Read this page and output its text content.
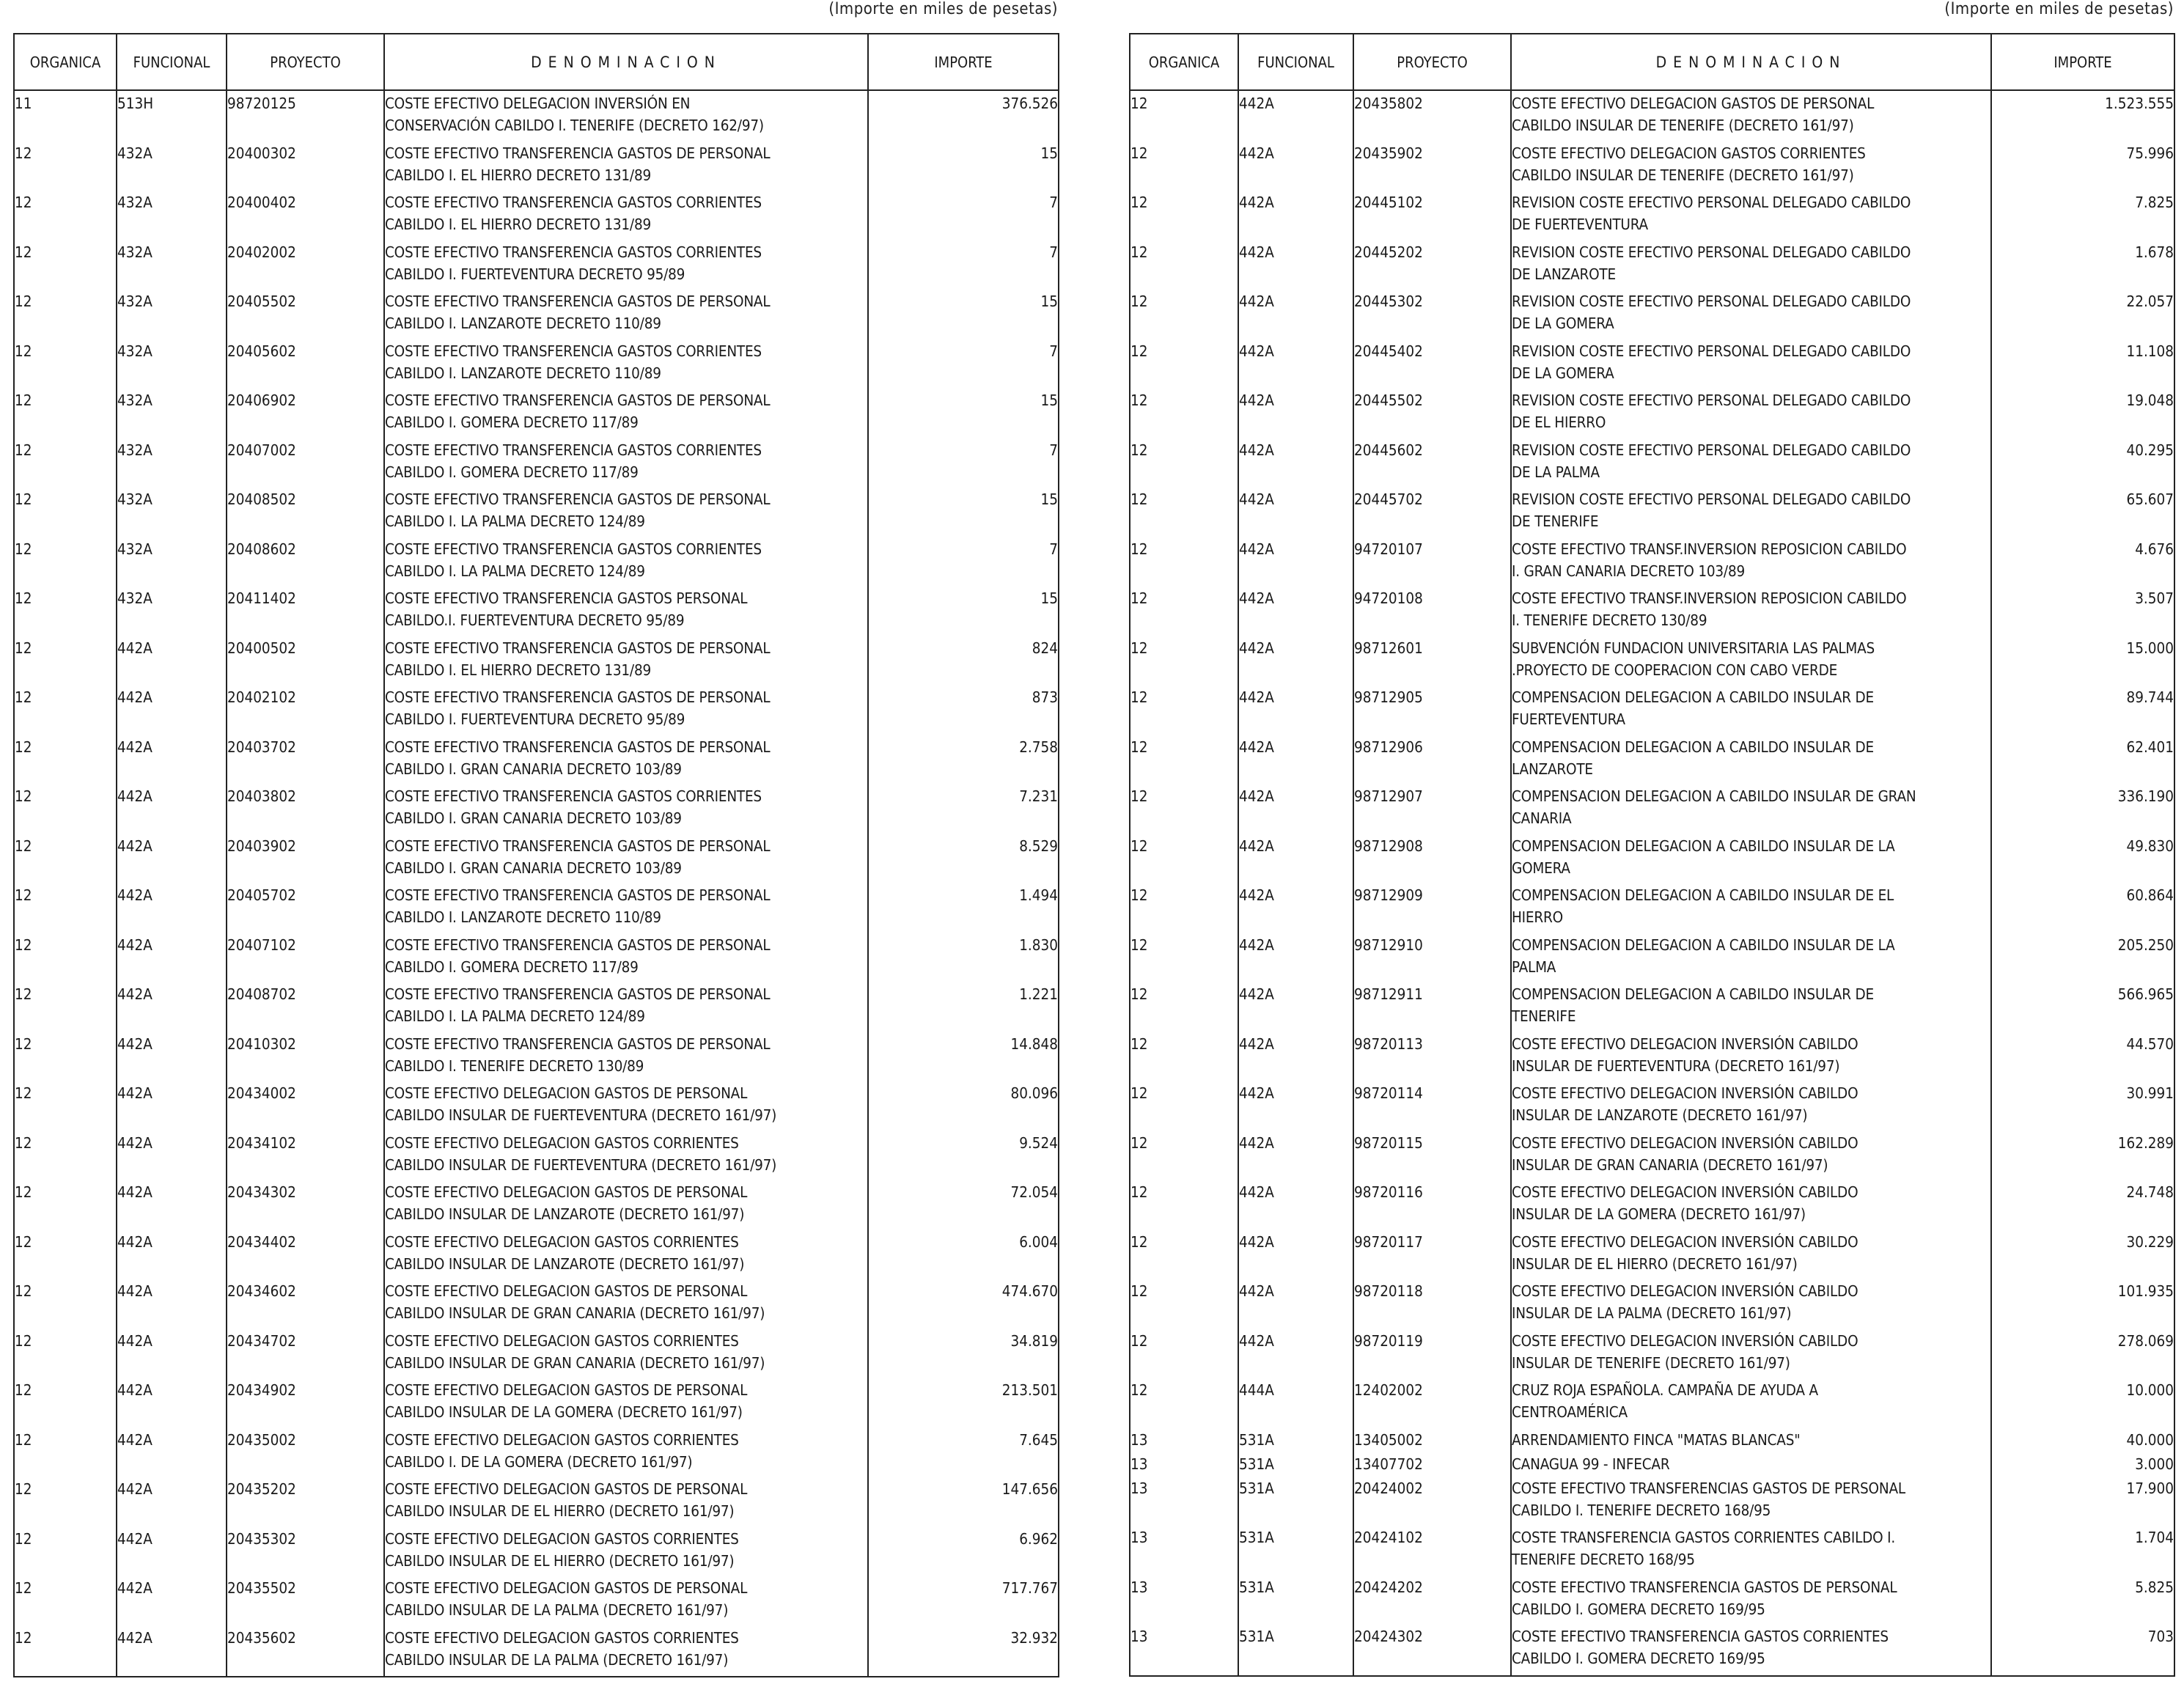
(Importe en miles de pesetas)
ORGANICA	FUNCIONAL	PROYECTO	DENOMINACION	IMPORTE
11	513H	98720125	COSTE EFECTIVO DELEGACION INVERSIÓN EN
CONSERVACIÓN CABILDO I. TENERIFE (DECRETO 162/97)	376.526
12	432A	20400302	COSTE EFECTIVO TRANSFERENCIA GASTOS DE PERSONAL
CABILDO I. EL HIERRO DECRETO 131/89	15
12	432A	20400402	COSTE EFECTIVO TRANSFERENCIA GASTOS CORRIENTES
CABILDO I. EL HIERRO DECRETO 131/89	7
12	432A	20402002	COSTE EFECTIVO TRANSFERENCIA GASTOS CORRIENTES
CABILDO I. FUERTEVENTURA DECRETO 95/89	7
12	432A	20405502	COSTE EFECTIVO TRANSFERENCIA GASTOS DE PERSONAL
CABILDO I. LANZAROTE DECRETO 110/89	15
12	432A	20405602	COSTE EFECTIVO TRANSFERENCIA GASTOS CORRIENTES
CABILDO I. LANZAROTE DECRETO 110/89	7
12	432A	20406902	COSTE EFECTIVO TRANSFERENCIA GASTOS DE PERSONAL
CABILDO I. GOMERA DECRETO 117/89	15
12	432A	20407002	COSTE EFECTIVO TRANSFERENCIA GASTOS CORRIENTES
CABILDO I. GOMERA DECRETO 117/89	7
12	432A	20408502	COSTE EFECTIVO TRANSFERENCIA GASTOS DE PERSONAL
CABILDO I. LA PALMA DECRETO 124/89	15
12	432A	20408602	COSTE EFECTIVO TRANSFERENCIA GASTOS CORRIENTES
CABILDO I. LA PALMA DECRETO 124/89	7
12	432A	20411402	COSTE EFECTIVO TRANSFERENCIA GASTOS PERSONAL
CABILDO.I. FUERTEVENTURA DECRETO 95/89	15
12	442A	20400502	COSTE EFECTIVO TRANSFERENCIA GASTOS DE PERSONAL
CABILDO I. EL HIERRO DECRETO 131/89	824
12	442A	20402102	COSTE EFECTIVO TRANSFERENCIA GASTOS DE PERSONAL
CABILDO I. FUERTEVENTURA DECRETO 95/89	873
12	442A	20403702	COSTE EFECTIVO TRANSFERENCIA GASTOS DE PERSONAL
CABILDO I. GRAN CANARIA DECRETO 103/89	2.758
12	442A	20403802	COSTE EFECTIVO TRANSFERENCIA GASTOS CORRIENTES
CABILDO I. GRAN CANARIA DECRETO 103/89	7.231
12	442A	20403902	COSTE EFECTIVO TRANSFERENCIA GASTOS DE PERSONAL
CABILDO I. GRAN CANARIA DECRETO 103/89	8.529
12	442A	20405702	COSTE EFECTIVO TRANSFERENCIA GASTOS DE PERSONAL
CABILDO I. LANZAROTE DECRETO 110/89	1.494
12	442A	20407102	COSTE EFECTIVO TRANSFERENCIA GASTOS DE PERSONAL
CABILDO I. GOMERA DECRETO 117/89	1.830
12	442A	20408702	COSTE EFECTIVO TRANSFERENCIA GASTOS DE PERSONAL
CABILDO I. LA PALMA DECRETO 124/89	1.221
12	442A	20410302	COSTE EFECTIVO TRANSFERENCIA GASTOS DE PERSONAL
CABILDO I. TENERIFE DECRETO 130/89	14.848
12	442A	20434002	COSTE EFECTIVO DELEGACION GASTOS DE PERSONAL
CABILDO INSULAR DE FUERTEVENTURA (DECRETO 161/97)	80.096
12	442A	20434102	COSTE EFECTIVO DELEGACION GASTOS CORRIENTES
CABILDO INSULAR DE FUERTEVENTURA (DECRETO 161/97)	9.524
12	442A	20434302	COSTE EFECTIVO DELEGACION GASTOS DE PERSONAL
CABILDO INSULAR DE LANZAROTE (DECRETO 161/97)	72.054
12	442A	20434402	COSTE EFECTIVO DELEGACION GASTOS CORRIENTES
CABILDO INSULAR DE LANZAROTE (DECRETO 161/97)	6.004
12	442A	20434602	COSTE EFECTIVO DELEGACION GASTOS DE PERSONAL
CABILDO INSULAR DE GRAN CANARIA (DECRETO 161/97)	474.670
12	442A	20434702	COSTE EFECTIVO DELEGACION GASTOS CORRIENTES
CABILDO INSULAR DE GRAN CANARIA (DECRETO 161/97)	34.819
12	442A	20434902	COSTE EFECTIVO DELEGACION GASTOS DE PERSONAL
CABILDO INSULAR DE LA GOMERA (DECRETO 161/97)	213.501
12	442A	20435002	COSTE EFECTIVO DELEGACION GASTOS CORRIENTES
CABILDO I. DE LA GOMERA (DECRETO 161/97)	7.645
12	442A	20435202	COSTE EFECTIVO DELEGACION GASTOS DE PERSONAL
CABILDO INSULAR DE EL HIERRO (DECRETO 161/97)	147.656
12	442A	20435302	COSTE EFECTIVO DELEGACION GASTOS CORRIENTES
CABILDO INSULAR DE EL HIERRO (DECRETO 161/97)	6.962
12	442A	20435502	COSTE EFECTIVO DELEGACION GASTOS DE PERSONAL
CABILDO INSULAR DE LA PALMA (DECRETO 161/97)	717.767
12	442A	20435602	COSTE EFECTIVO DELEGACION GASTOS CORRIENTES
CABILDO INSULAR DE LA PALMA (DECRETO 161/97)	32.932
(Importe en miles de pesetas)
ORGANICA	FUNCIONAL	PROYECTO	DENOMINACION	IMPORTE
12	442A	20435802	COSTE EFECTIVO DELEGACION GASTOS DE PERSONAL
CABILDO INSULAR DE TENERIFE (DECRETO 161/97)	1.523.555
12	442A	20435902	COSTE EFECTIVO DELEGACION GASTOS CORRIENTES
CABILDO INSULAR DE TENERIFE (DECRETO 161/97)	75.996
12	442A	20445102	REVISION COSTE EFECTIVO PERSONAL DELEGADO CABILDO
DE FUERTEVENTURA	7.825
12	442A	20445202	REVISION COSTE EFECTIVO PERSONAL DELEGADO CABILDO
DE LANZAROTE	1.678
12	442A	20445302	REVISION COSTE EFECTIVO PERSONAL DELEGADO CABILDO
DE LA GOMERA	22.057
12	442A	20445402	REVISION COSTE EFECTIVO PERSONAL DELEGADO CABILDO
DE LA GOMERA	11.108
12	442A	20445502	REVISION COSTE EFECTIVO PERSONAL DELEGADO CABILDO
DE EL HIERRO	19.048
12	442A	20445602	REVISION COSTE EFECTIVO PERSONAL DELEGADO CABILDO
DE LA PALMA	40.295
12	442A	20445702	REVISION COSTE EFECTIVO PERSONAL DELEGADO CABILDO
DE TENERIFE	65.607
12	442A	94720107	COSTE EFECTIVO TRANSF.INVERSION REPOSICION CABILDO
I. GRAN CANARIA DECRETO 103/89	4.676
12	442A	94720108	COSTE EFECTIVO TRANSF.INVERSION REPOSICION CABILDO
I. TENERIFE DECRETO 130/89	3.507
12	442A	98712601	SUBVENCIÓN FUNDACION UNIVERSITARIA LAS PALMAS
.PROYECTO DE COOPERACION CON CABO VERDE	15.000
12	442A	98712905	COMPENSACION DELEGACION A CABILDO INSULAR DE
FUERTEVENTURA	89.744
12	442A	98712906	COMPENSACION DELEGACION A CABILDO INSULAR DE
LANZAROTE	62.401
12	442A	98712907	COMPENSACION DELEGACION A CABILDO INSULAR DE GRAN
CANARIA	336.190
12	442A	98712908	COMPENSACION DELEGACION A CABILDO INSULAR DE LA
GOMERA	49.830
12	442A	98712909	COMPENSACION DELEGACION A CABILDO INSULAR DE EL
HIERRO	60.864
12	442A	98712910	COMPENSACION DELEGACION A CABILDO INSULAR DE LA
PALMA	205.250
12	442A	98712911	COMPENSACION DELEGACION A CABILDO INSULAR DE
TENERIFE	566.965
12	442A	98720113	COSTE EFECTIVO DELEGACION INVERSIÓN CABILDO
INSULAR DE FUERTEVENTURA (DECRETO 161/97)	44.570
12	442A	98720114	COSTE EFECTIVO DELEGACION INVERSIÓN CABILDO
INSULAR DE LANZAROTE (DECRETO 161/97)	30.991
12	442A	98720115	COSTE EFECTIVO DELEGACION INVERSIÓN CABILDO
INSULAR DE GRAN CANARIA (DECRETO 161/97)	162.289
12	442A	98720116	COSTE EFECTIVO DELEGACION INVERSIÓN CABILDO
INSULAR DE LA GOMERA (DECRETO 161/97)	24.748
12	442A	98720117	COSTE EFECTIVO DELEGACION INVERSIÓN CABILDO
INSULAR DE EL HIERRO (DECRETO 161/97)	30.229
12	442A	98720118	COSTE EFECTIVO DELEGACION INVERSIÓN CABILDO
INSULAR DE LA PALMA (DECRETO 161/97)	101.935
12	442A	98720119	COSTE EFECTIVO DELEGACION INVERSIÓN CABILDO
INSULAR DE TENERIFE (DECRETO 161/97)	278.069
12	444A	12402002	CRUZ ROJA ESPAÑOLA. CAMPAÑA DE AYUDA A
CENTROAMÉRICA	10.000
13	531A	13405002	ARRENDAMIENTO FINCA "MATAS BLANCAS"	40.000
13	531A	13407702	CANAGUA 99 - INFECAR	3.000
13	531A	20424002	COSTE EFECTIVO TRANSFERENCIAS GASTOS DE PERSONAL
CABILDO I. TENERIFE DECRETO 168/95	17.900
13	531A	20424102	COSTE TRANSFERENCIA GASTOS CORRIENTES CABILDO I.
TENERIFE DECRETO 168/95	1.704
13	531A	20424202	COSTE EFECTIVO TRANSFERENCIA GASTOS DE PERSONAL
CABILDO I. GOMERA DECRETO 169/95	5.825
13	531A	20424302	COSTE EFECTIVO TRANSFERENCIA GASTOS CORRIENTES
CABILDO I. GOMERA DECRETO 169/95	703
